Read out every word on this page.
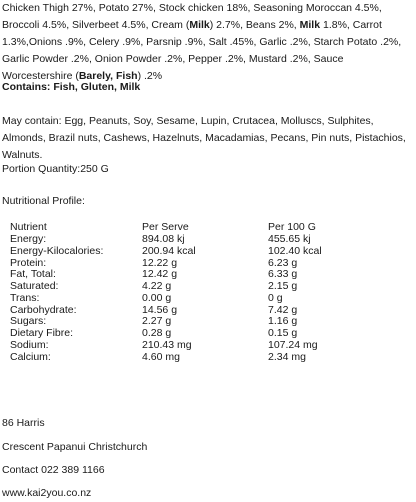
Chicken Thigh 27%, Potato 27%, Stock chicken 18%, Seasoning Moroccan 4.5%, Broccoli 4.5%, Silverbeet 4.5%, Cream (Milk) 2.7%, Beans 2%, Milk 1.8%, Carrot 1.3%,Onions .9%, Celery .9%, Parsnip .9%, Salt .45%, Garlic .2%, Starch Potato .2%, Garlic Powder .2%, Onion Powder .2%, Pepper .2%, Mustard .2%, Sauce Worcestershire (Barely, Fish) .2%
Contains: Fish, Gluten, Milk
May contain: Egg, Peanuts, Soy, Sesame, Lupin, Crutacea, Molluscs, Sulphites, Almonds, Brazil nuts, Cashews, Hazelnuts, Macadamias, Pecans, Pin nuts, Pistachios, Walnuts.
Portion Quantity:250 G
Nutritional Profile:
Nutrient	Per Serve	Per 100 G
Energy:	894.08 kj	455.65 kj
Energy-Kilocalories:	200.94 kcal	102.40 kcal
Protein:	12.22 g	6.23 g
Fat, Total:	12.42 g	6.33 g
Saturated:	4.22 g	2.15 g
Trans:	0.00 g	0 g
Carbohydrate:	14.56 g	7.42 g
Sugars:	2.27 g	1.16 g
Dietary Fibre:	0.28 g	0.15 g
Sodium:	210.43 mg	107.24 mg
Calcium:	4.60 mg	2.34 mg
86 Harris
Crescent Papanui Christchurch
Contact 022 389 1166
www.kai2you.co.nz
